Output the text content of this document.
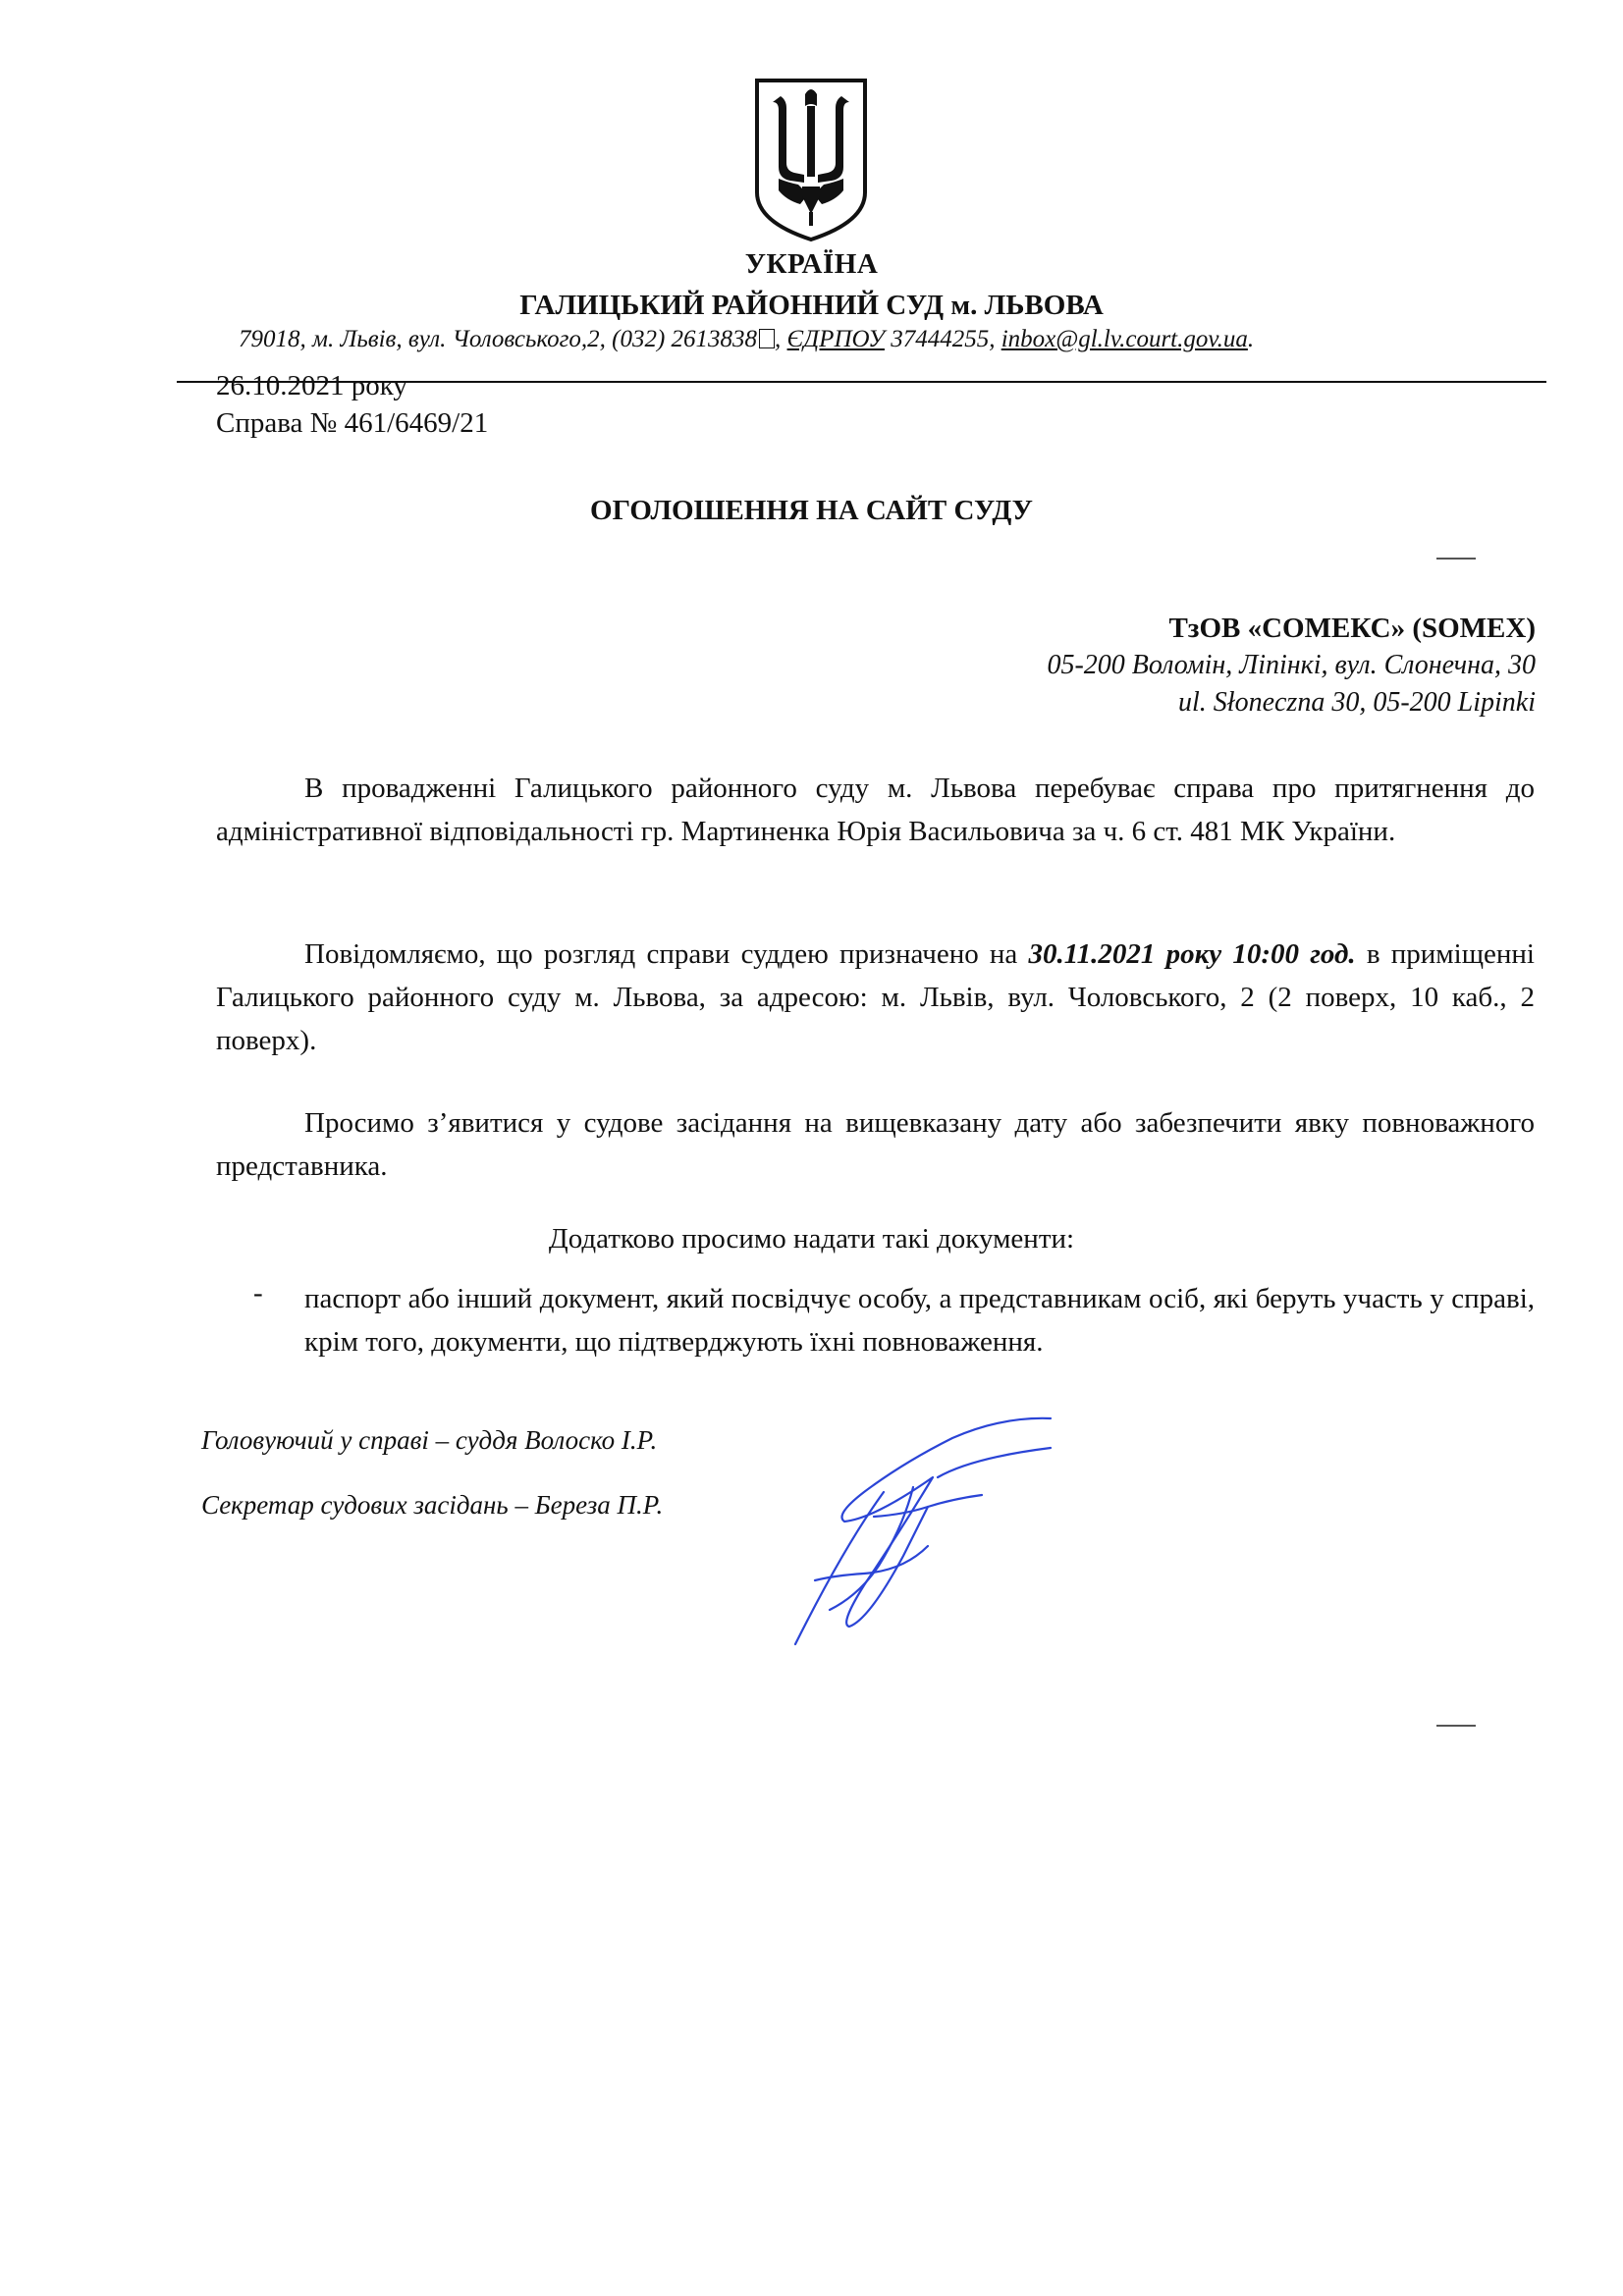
УКРАЇНА
ГАЛИЦЬКИЙ РАЙОННИЙ СУД м. ЛЬВОВА
79018, м. Львів, вул. Чоловського,2, (032) 2613838 , ЄДРПОУ 37444255, inbox@gl.lv.court.gov.ua.
26.10.2021 року
Справа № 461/6469/21
ОГОЛОШЕННЯ НА САЙТ СУДУ
ТзОВ «СОМЕКС» (SOMEX)
05-200 Воломін, Ліпінкі, вул. Слонечна, 30
ul. Słoneczna 30, 05-200 Lipinki

В провадженні Галицького районного суду м. Львова перебуває справа про притягнення до адміністративної відповідальності гр. Мартиненка Юрія Васильовича за ч. 6 ст. 481 МК України.

Повідомляємо, що розгляд справи суддею призначено на 30.11.2021 року 10:00 год. в приміщенні Галицького районного суду м. Львова, за адресою: м. Львів, вул. Чоловського, 2 (2 поверх, 10 каб., 2 поверх).

Просимо з’явитися у судове засідання на вищевказану дату або забезпечити явку повноважного представника.

Додатково просимо надати такі документи:
- паспорт або інший документ, який посвідчує особу, а представникам осіб, які беруть участь у справі, крім того, документи, що підтверджують їхні повноваження.
Головуючий у справі – суддя Волоско І.Р.
Секретар судових засідань – Береза П.Р.
